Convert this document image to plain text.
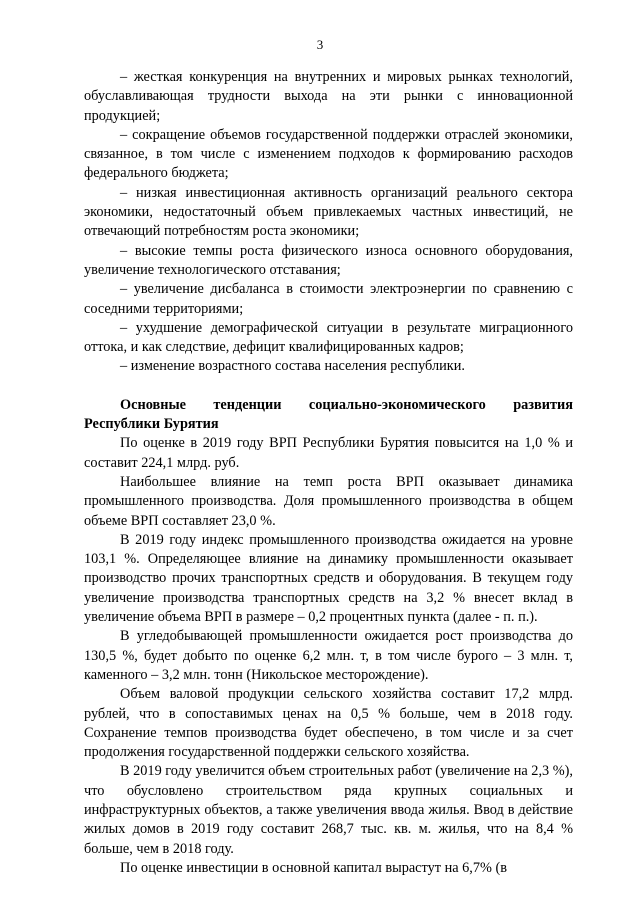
3

– жесткая конкуренция на внутренних и мировых рынках технологий, обуславливающая трудности выхода на эти рынки с инновационной продукцией;

– сокращение объемов государственной поддержки отраслей экономики, связанное, в том числе с изменением подходов к формированию расходов федерального бюджета;

– низкая инвестиционная активность организаций реального сектора экономики, недостаточный объем привлекаемых частных инвестиций, не отвечающий потребностям роста экономики;

– высокие темпы роста физического износа основного оборудования, увеличение технологического отставания;

– увеличение дисбаланса в стоимости электроэнергии по сравнению с соседними территориями;

– ухудшение демографической ситуации в результате миграционного оттока, и как следствие, дефицит квалифицированных кадров;

– изменение возрастного состава населения республики.

Основные тенденции социально-экономического развития Республики Бурятия

По оценке в 2019 году ВРП Республики Бурятия повысится на 1,0 % и составит 224,1 млрд. руб.

Наибольшее влияние на темп роста ВРП оказывает динамика промышленного производства. Доля промышленного производства в общем объеме ВРП составляет 23,0 %.

В 2019 году индекс промышленного производства ожидается на уровне 103,1 %. Определяющее влияние на динамику промышленности оказывает производство прочих транспортных средств и оборудования. В текущем году увеличение производства транспортных средств на 3,2 % внесет вклад в увеличение объема ВРП в размере – 0,2 процентных пункта (далее - п. п.).

В угледобывающей промышленности ожидается рост производства до 130,5 %, будет добыто по оценке 6,2 млн. т, в том числе бурого – 3 млн. т, каменного – 3,2 млн. тонн (Никольское месторождение).

Объем валовой продукции сельского хозяйства составит 17,2 млрд. рублей, что в сопоставимых ценах на 0,5 % больше, чем в 2018 году. Сохранение темпов производства будет обеспечено, в том числе и за счет продолжения государственной поддержки сельского хозяйства.

В 2019 году увеличится объем строительных работ (увеличение на 2,3 %), что обусловлено строительством ряда крупных социальных и инфраструктурных объектов, а также увеличения ввода жилья. Ввод в действие жилых домов в 2019 году составит 268,7 тыс. кв. м. жилья, что на 8,4 % больше, чем в 2018 году.

По оценке инвестиции в основной капитал вырастут на 6,7% (в
